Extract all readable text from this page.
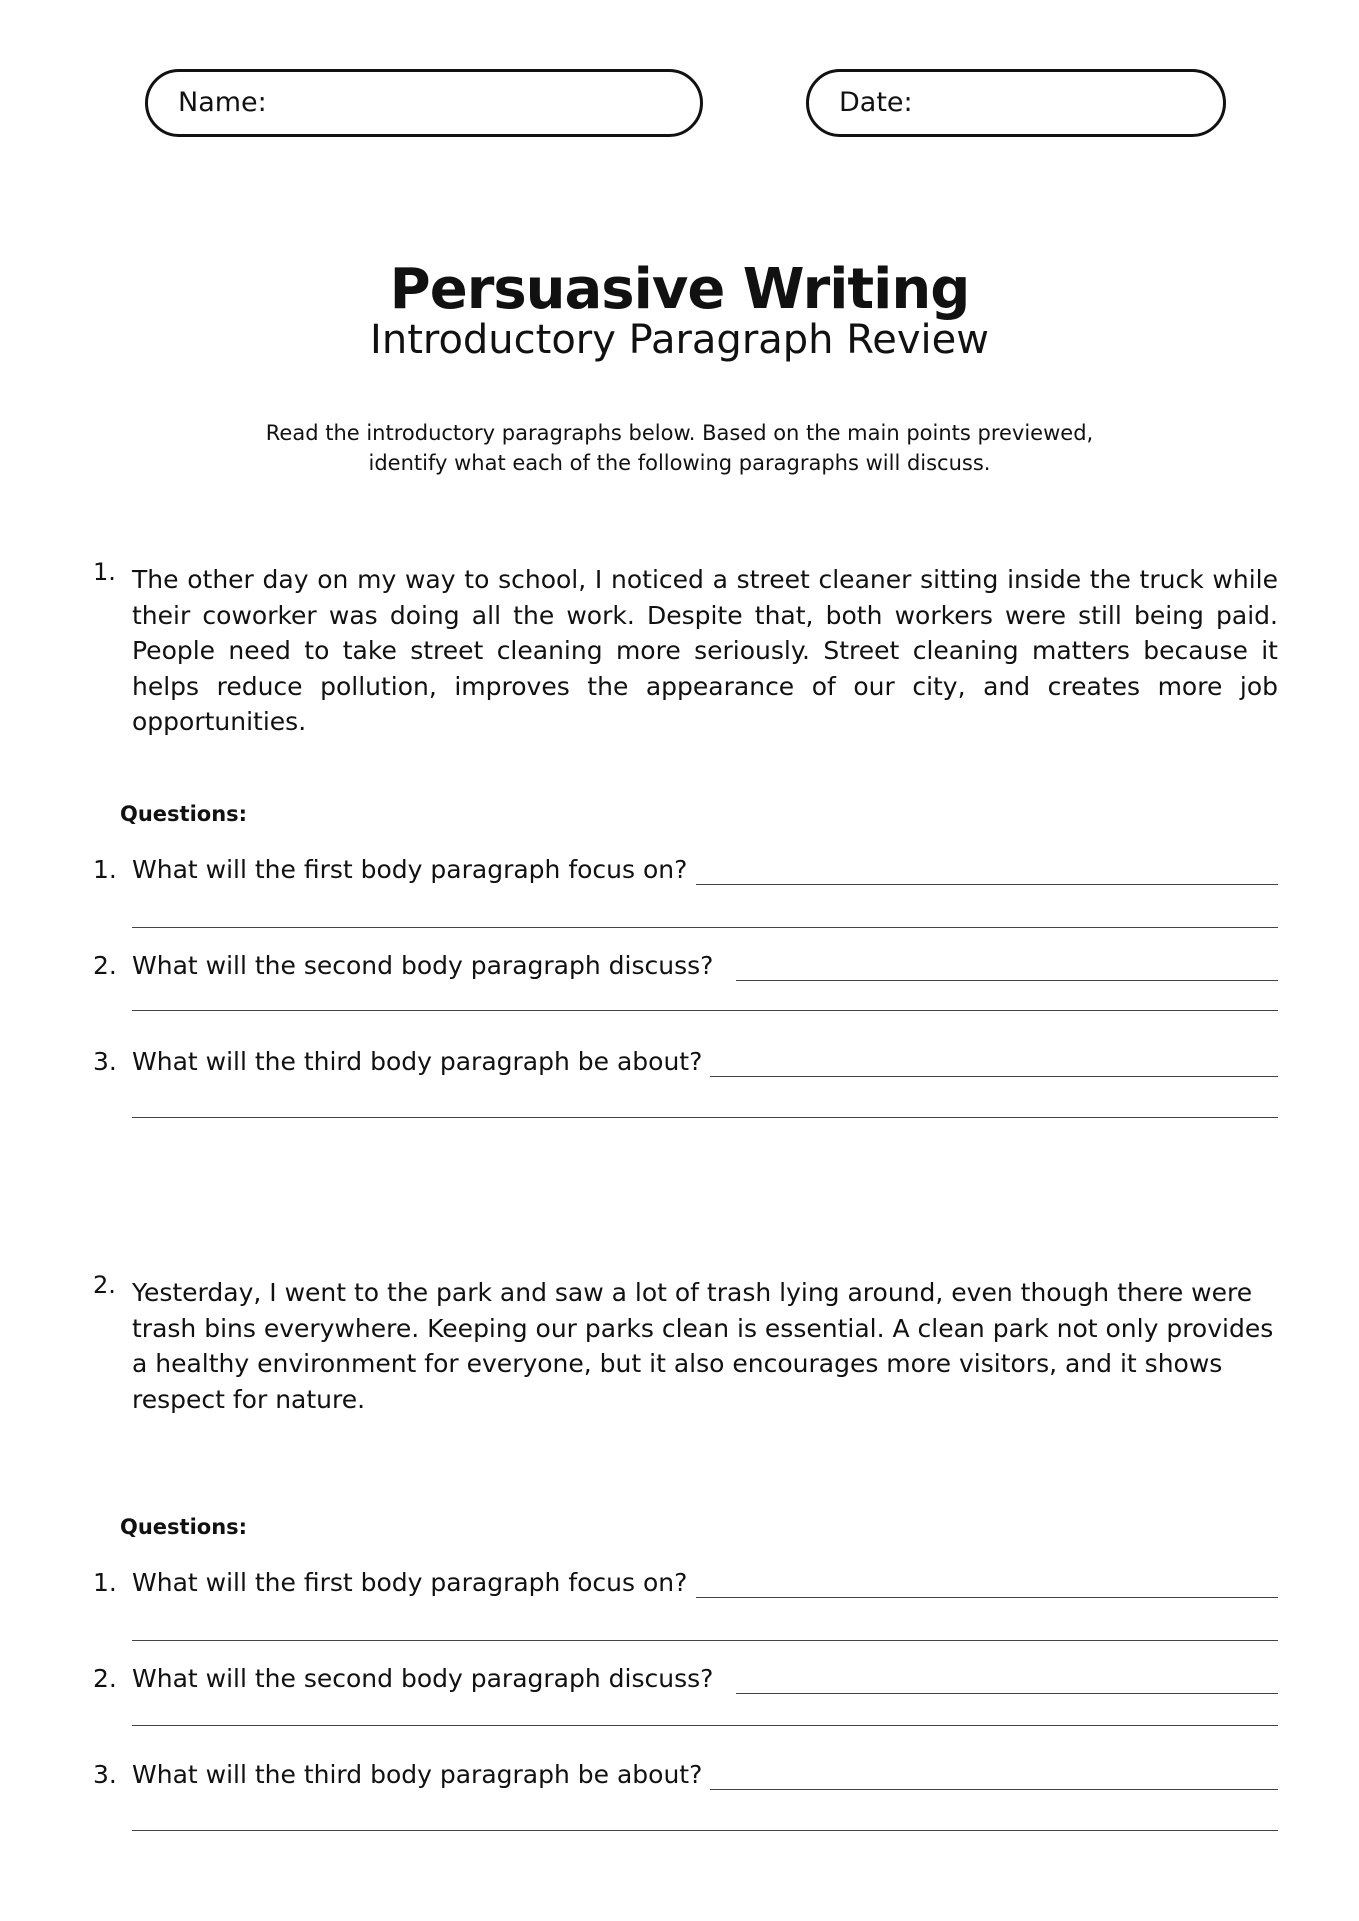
Name:	Date:
Persuasive Writing
Introductory Paragraph Review
Read the introductory paragraphs below. Based on the main points previewed,
identify what each of the following paragraphs will discuss.
1. The other day on my way to school, I noticed a street cleaner sitting inside the truck while their coworker was doing all the work. Despite that, both workers were still being paid. People need to take street cleaning more seriously. Street cleaning matters because it helps reduce pollution, improves the appearance of our city, and creates more job opportunities.
Questions:
1. What will the first body paragraph focus on?
2. What will the second body paragraph discuss?
3. What will the third body paragraph be about?
2. Yesterday, I went to the park and saw a lot of trash lying around, even though there were trash bins everywhere. Keeping our parks clean is essential. A clean park not only provides a healthy environment for everyone, but it also encourages more visitors, and it shows respect for nature.
Questions:
1. What will the first body paragraph focus on?
2. What will the second body paragraph discuss?
3. What will the third body paragraph be about?
